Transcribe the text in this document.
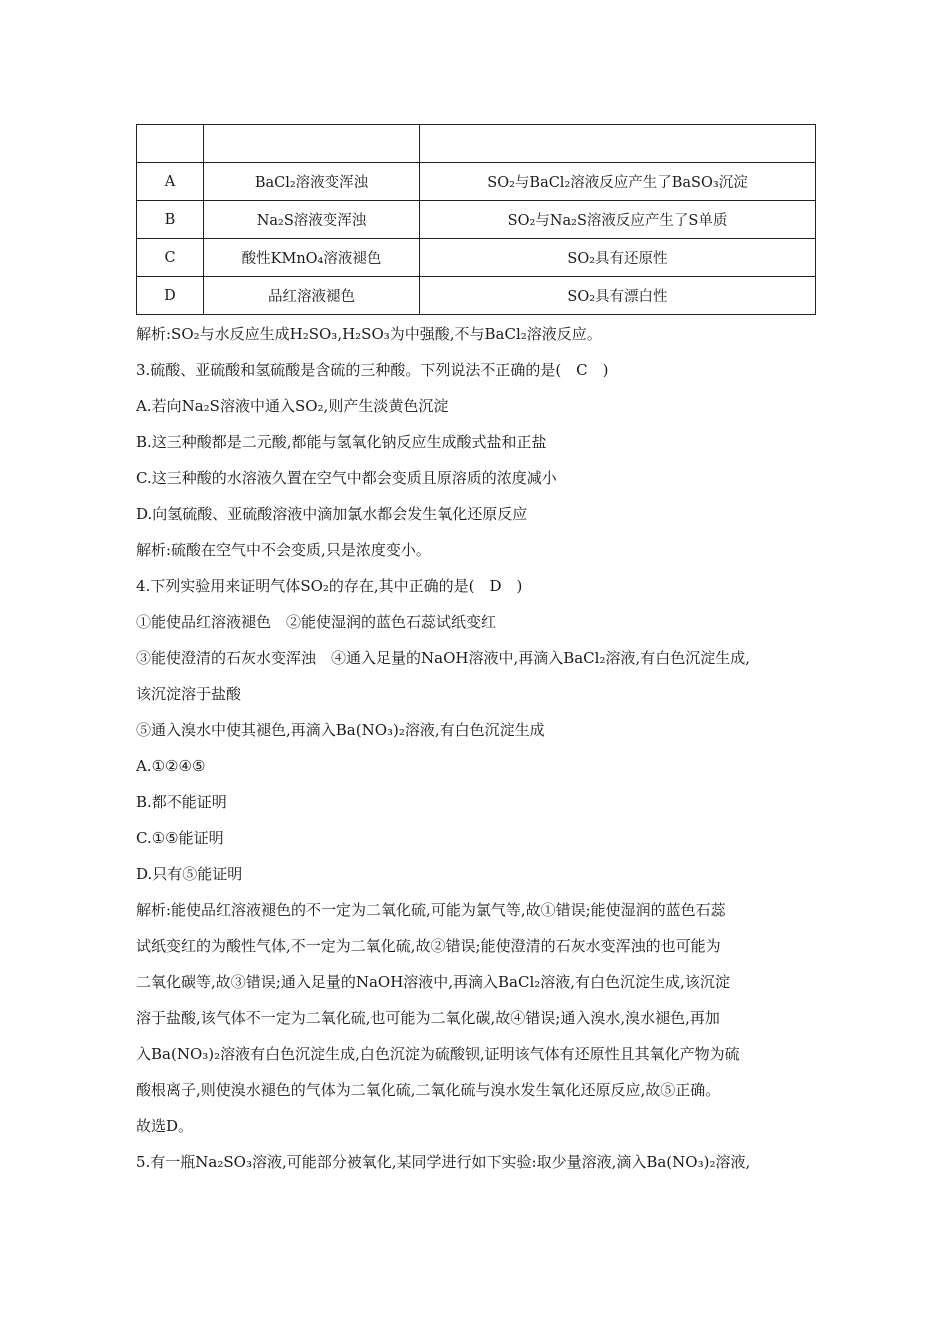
A	BaCl₂溶液变浑浊	SO₂与BaCl₂溶液反应产生了BaSO₃沉淀
B	Na₂S溶液变浑浊	SO₂与Na₂S溶液反应产生了S单质
C	酸性KMnO₄溶液褪色	SO₂具有还原性
D	品红溶液褪色	SO₂具有漂白性
解析:SO₂与水反应生成H₂SO₃,H₂SO₃为中强酸,不与BaCl₂溶液反应。
3.硫酸、亚硫酸和氢硫酸是含硫的三种酸。下列说法不正确的是(　C　)
A.若向Na₂S溶液中通入SO₂,则产生淡黄色沉淀
B.这三种酸都是二元酸,都能与氢氧化钠反应生成酸式盐和正盐
C.这三种酸的水溶液久置在空气中都会变质且原溶质的浓度减小
D.向氢硫酸、亚硫酸溶液中滴加氯水都会发生氧化还原反应
解析:硫酸在空气中不会变质,只是浓度变小。
4.下列实验用来证明气体SO₂的存在,其中正确的是(　D　)
①能使品红溶液褪色　②能使湿润的蓝色石蕊试纸变红
③能使澄清的石灰水变浑浊　④通入足量的NaOH溶液中,再滴入BaCl₂溶液,有白色沉淀生成,
该沉淀溶于盐酸
⑤通入溴水中使其褪色,再滴入Ba(NO₃)₂溶液,有白色沉淀生成
A.①②④⑤
B.都不能证明
C.①⑤能证明
D.只有⑤能证明
解析:能使品红溶液褪色的不一定为二氧化硫,可能为氯气等,故①错误;能使湿润的蓝色石蕊
试纸变红的为酸性气体,不一定为二氧化硫,故②错误;能使澄清的石灰水变浑浊的也可能为
二氧化碳等,故③错误;通入足量的NaOH溶液中,再滴入BaCl₂溶液,有白色沉淀生成,该沉淀
溶于盐酸,该气体不一定为二氧化硫,也可能为二氧化碳,故④错误;通入溴水,溴水褪色,再加
入Ba(NO₃)₂溶液有白色沉淀生成,白色沉淀为硫酸钡,证明该气体有还原性且其氧化产物为硫
酸根离子,则使溴水褪色的气体为二氧化硫,二氧化硫与溴水发生氧化还原反应,故⑤正确。
故选D。
5.有一瓶Na₂SO₃溶液,可能部分被氧化,某同学进行如下实验:取少量溶液,滴入Ba(NO₃)₂溶液,
